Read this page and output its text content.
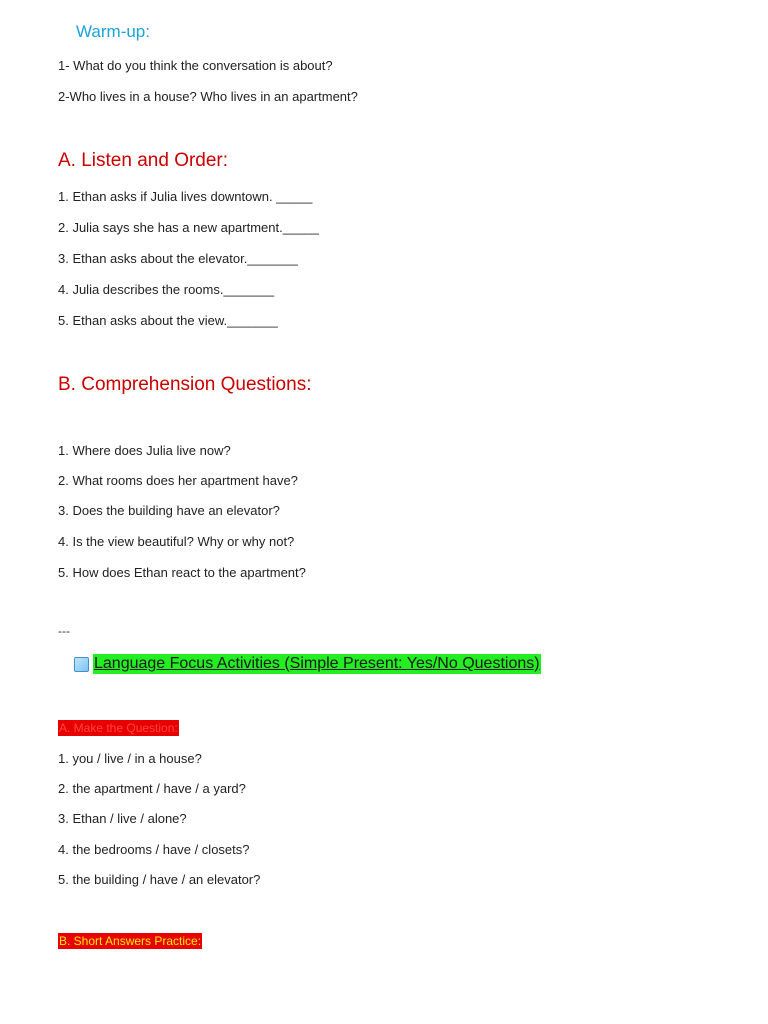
Warm-up:
1- What do you think the conversation is about?
2-Who lives in a house? Who lives in an apartment?
A. Listen and Order:
1. Ethan asks if Julia lives downtown. _____
2. Julia says she has a new apartment._____
3. Ethan asks about the elevator._______
4. Julia describes the rooms._______
5. Ethan asks about the view._______
B. Comprehension Questions:
1. Where does Julia live now?
2. What rooms does her apartment have?
3. Does the building have an elevator?
4. Is the view beautiful? Why or why not?
5. How does Ethan react to the apartment?
---
Language Focus Activities (Simple Present: Yes/No Questions)
A. Make the Question:
1. you / live / in a house?
2. the apartment / have / a yard?
3. Ethan / live / alone?
4. the bedrooms / have / closets?
5. the building / have / an elevator?
B. Short Answers Practice:
